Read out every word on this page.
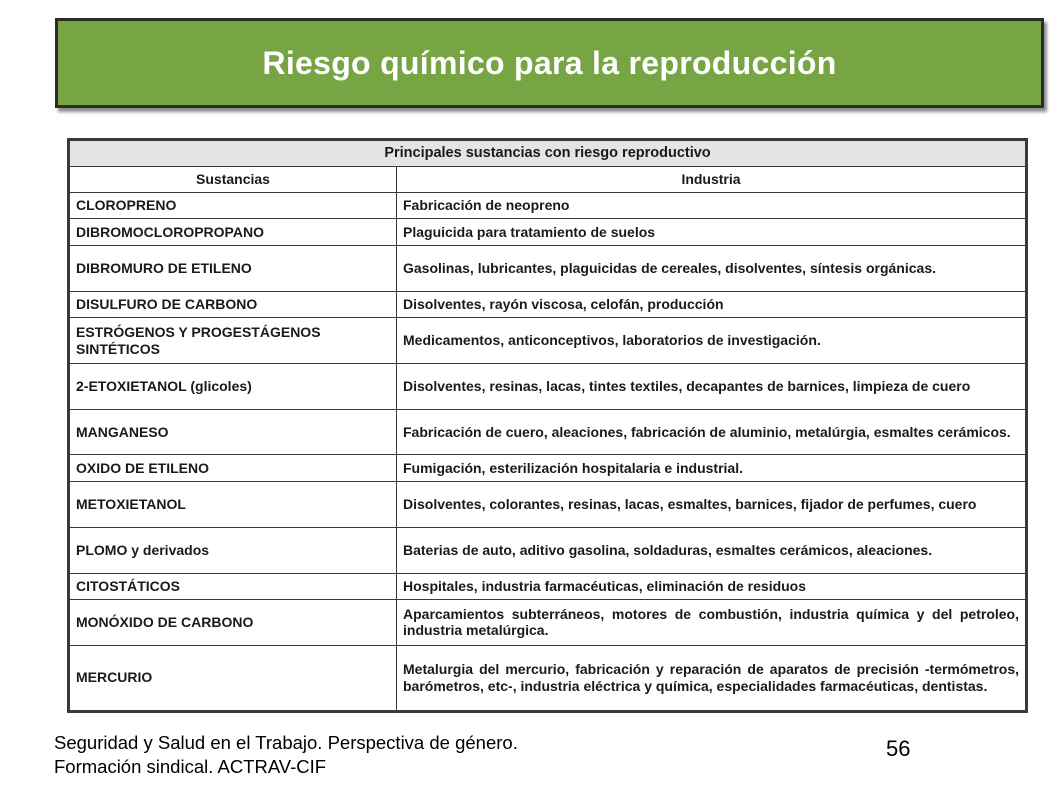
Riesgo químico para la reproducción
Principales sustancias con riesgo reproductivo	
Sustancias	Industria
CLOROPRENO	Fabricación de neopreno
DIBROMOCLOROPROPANO	Plaguicida para tratamiento de suelos
DIBROMURO DE ETILENO	Gasolinas, lubricantes, plaguicidas de cereales, disolventes, síntesis orgánicas.
DISULFURO DE CARBONO	Disolventes, rayón viscosa, celofán, producción
ESTRÓGENOS Y PROGESTÁGENOS SINTÉTICOS	Medicamentos, anticonceptivos, laboratorios de investigación.
2-ETOXIETANOL (glicoles)	Disolventes, resinas, lacas, tintes textiles, decapantes de barnices, limpieza de cuero
MANGANESO	Fabricación de cuero, aleaciones, fabricación de aluminio, metalúrgia, esmaltes cerámicos.
OXIDO DE ETILENO	Fumigación, esterilización hospitalaria e industrial.
METOXIETANOL	Disolventes, colorantes, resinas, lacas, esmaltes, barnices, fijador de perfumes, cuero
PLOMO y derivados	Baterias de auto, aditivo gasolina, soldaduras, esmaltes cerámicos, aleaciones.
CITOSTÁTICOS	Hospitales, industria farmacéuticas, eliminación de residuos
MONÓXIDO DE CARBONO	Aparcamientos subterráneos, motores de combustión, industria química y del petroleo, industria metalúrgica.
MERCURIO	Metalurgia del mercurio, fabricación y reparación de aparatos de precisión -termómetros, barómetros, etc-, industria eléctrica y química, especialidades farmacéuticas, dentistas.
Seguridad y Salud en el Trabajo. Perspectiva de género.
Formación sindical. ACTRAV-CIF
56
